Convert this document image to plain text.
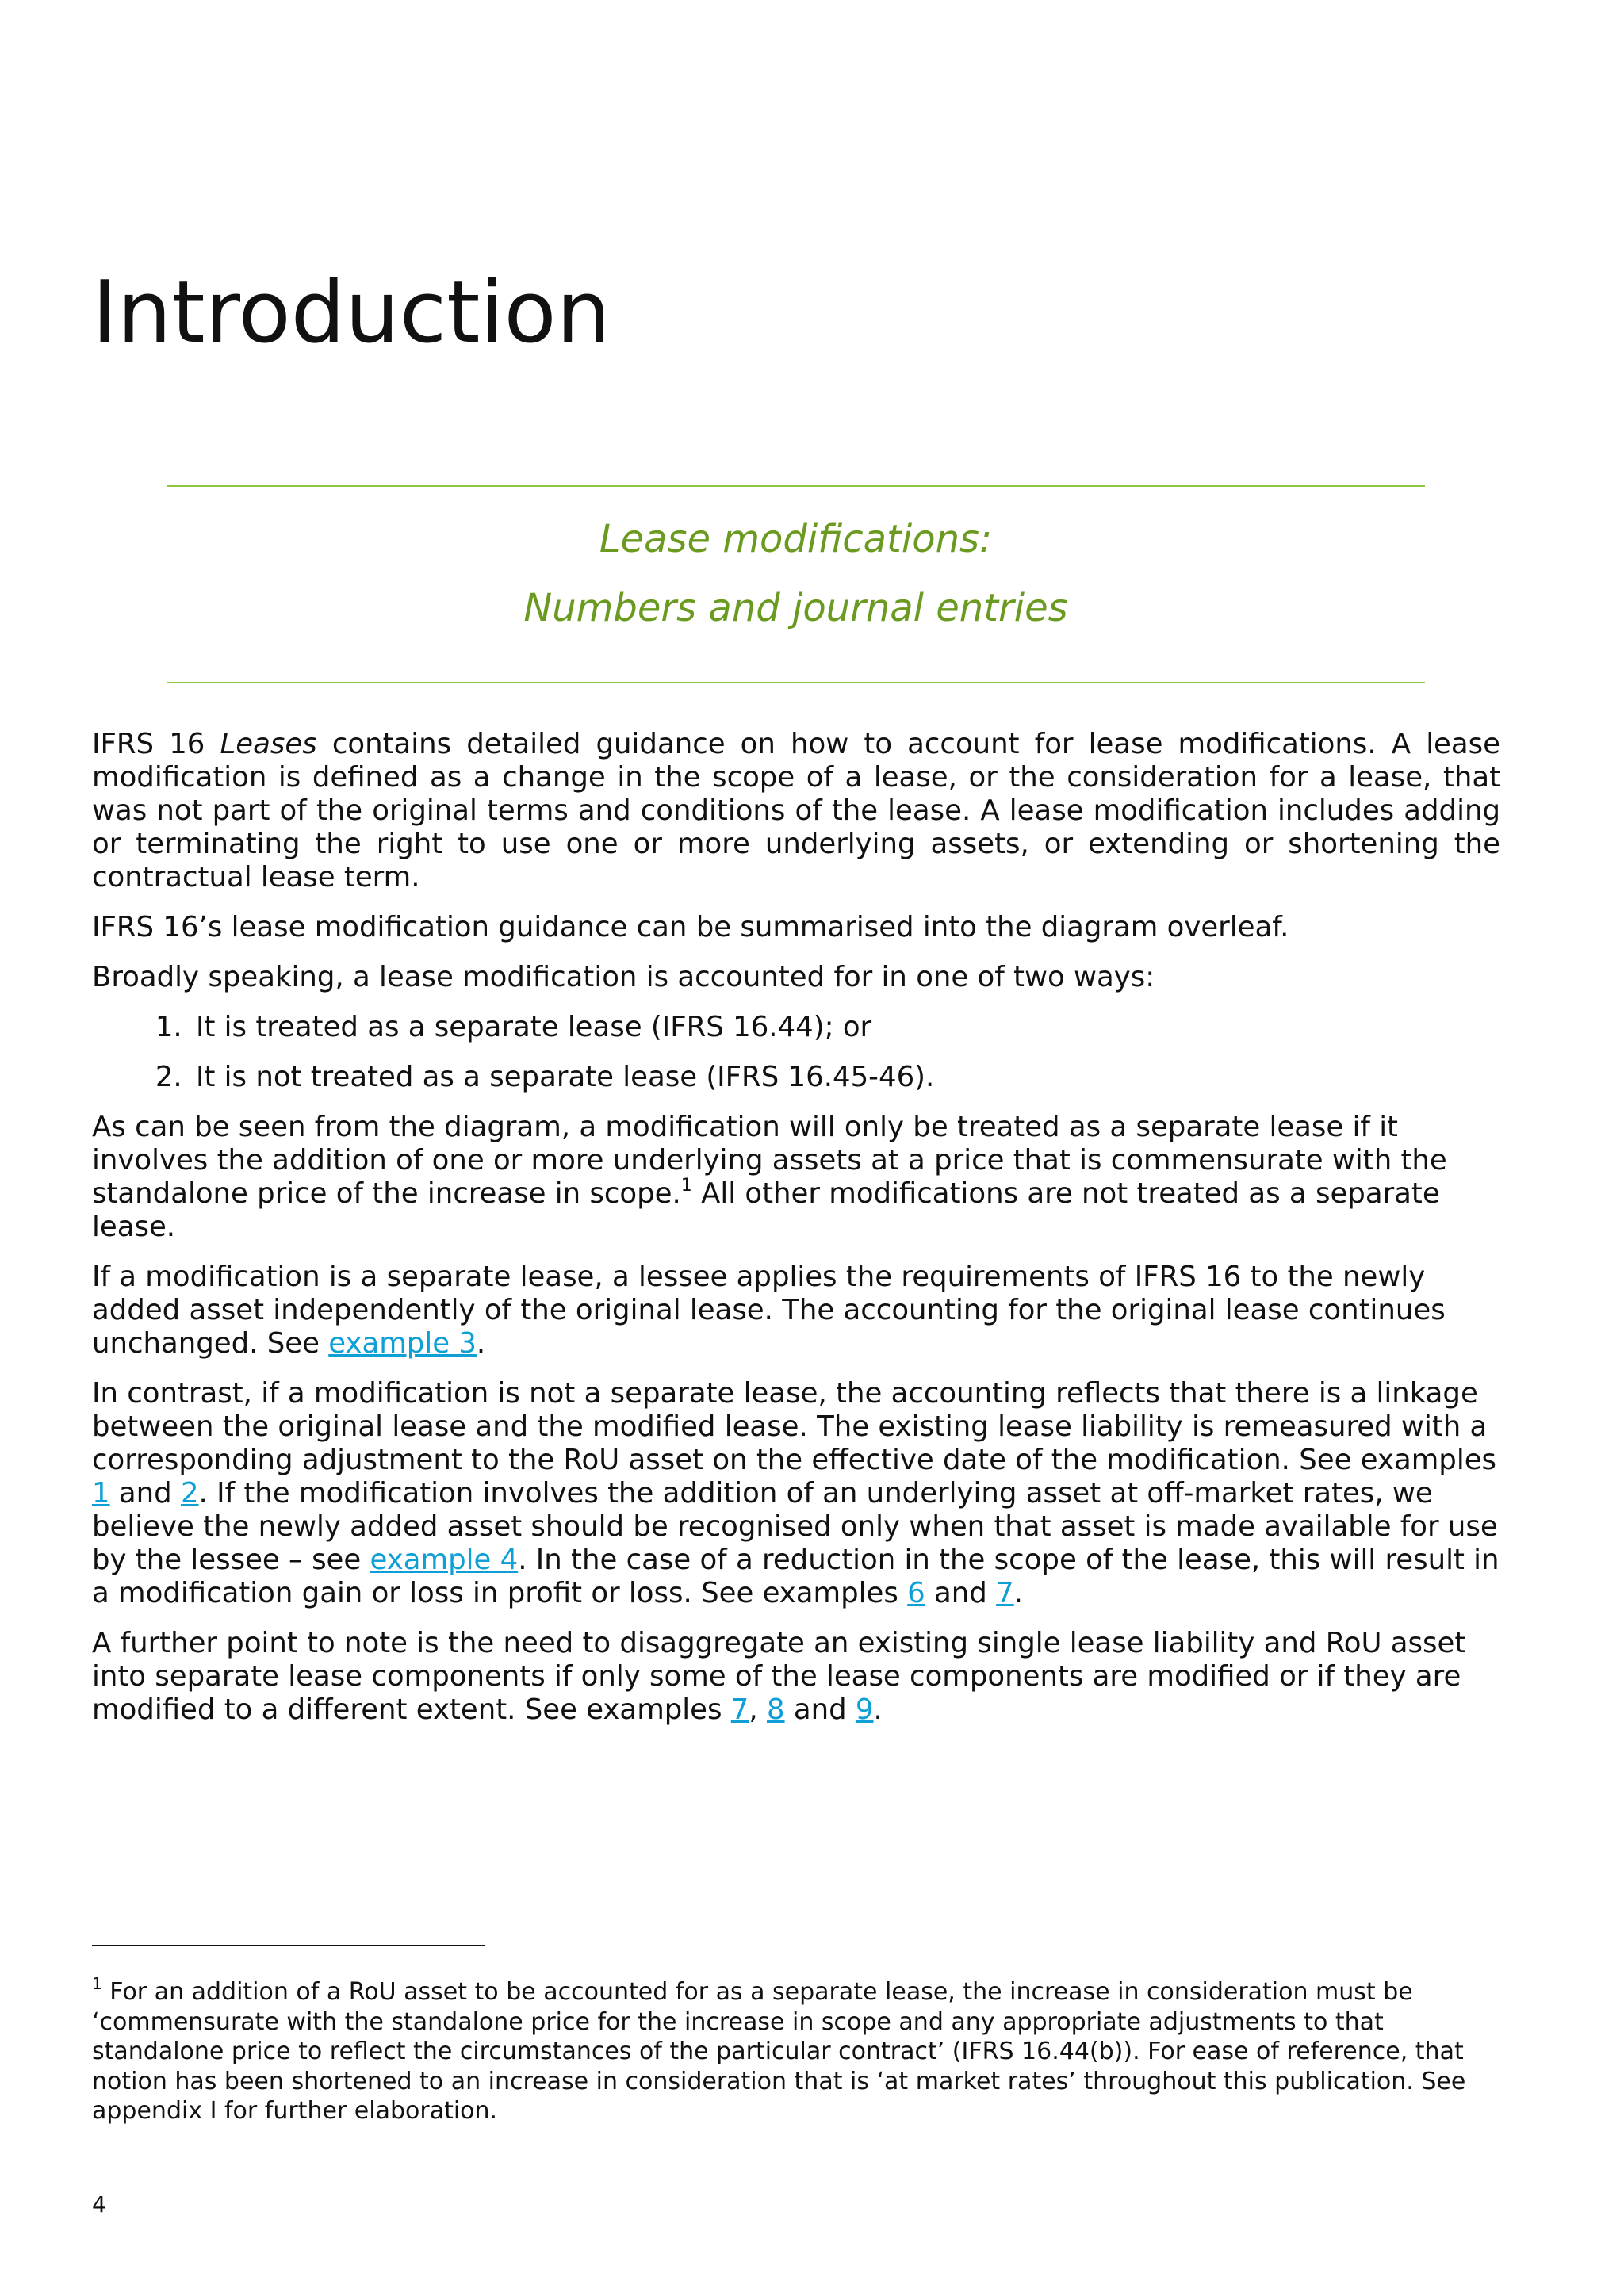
Introduction
Lease modifications:
Numbers and journal entries

IFRS 16 Leases contains detailed guidance on how to account for lease modifications. A lease modification is defined as a change in the scope of a lease, or the consideration for a lease, that was not part of the original terms and conditions of the lease. A lease modification includes adding or terminating the right to use one or more underlying assets, or extending or shortening the contractual lease term.

IFRS 16’s lease modification guidance can be summarised into the diagram overleaf.

Broadly speaking, a lease modification is accounted for in one of two ways:

1. It is treated as a separate lease (IFRS 16.44); or
2. It is not treated as a separate lease (IFRS 16.45-46).

As can be seen from the diagram, a modification will only be treated as a separate lease if it involves the addition of one or more underlying assets at a price that is commensurate with the standalone price of the increase in scope.$^1$ All other modifications are not treated as a separate lease.

If a modification is a separate lease, a lessee applies the requirements of IFRS 16 to the newly added asset independently of the original lease. The accounting for the original lease continues unchanged. See example 3.

In contrast, if a modification is not a separate lease, the accounting reflects that there is a linkage between the original lease and the modified lease. The existing lease liability is remeasured with a corresponding adjustment to the RoU asset on the effective date of the modification. See examples 1 and 2. If the modification involves the addition of an underlying asset at off-market rates, we believe the newly added asset should be recognised only when that asset is made available for use by the lessee – see example 4. In the case of a reduction in the scope of the lease, this will result in a modification gain or loss in profit or loss. See examples 6 and 7.

A further point to note is the need to disaggregate an existing single lease liability and RoU asset into separate lease components if only some of the lease components are modified or if they are modified to a different extent. See examples 7, 8 and 9.

$^1$ For an addition of a RoU asset to be accounted for as a separate lease, the increase in consideration must be ‘commensurate with the standalone price for the increase in scope and any appropriate adjustments to that standalone price to reflect the circumstances of the particular contract’ (IFRS 16.44(b)). For ease of reference, that notion has been shortened to an increase in consideration that is ‘at market rates’ throughout this publication. See appendix I for further elaboration.

4
